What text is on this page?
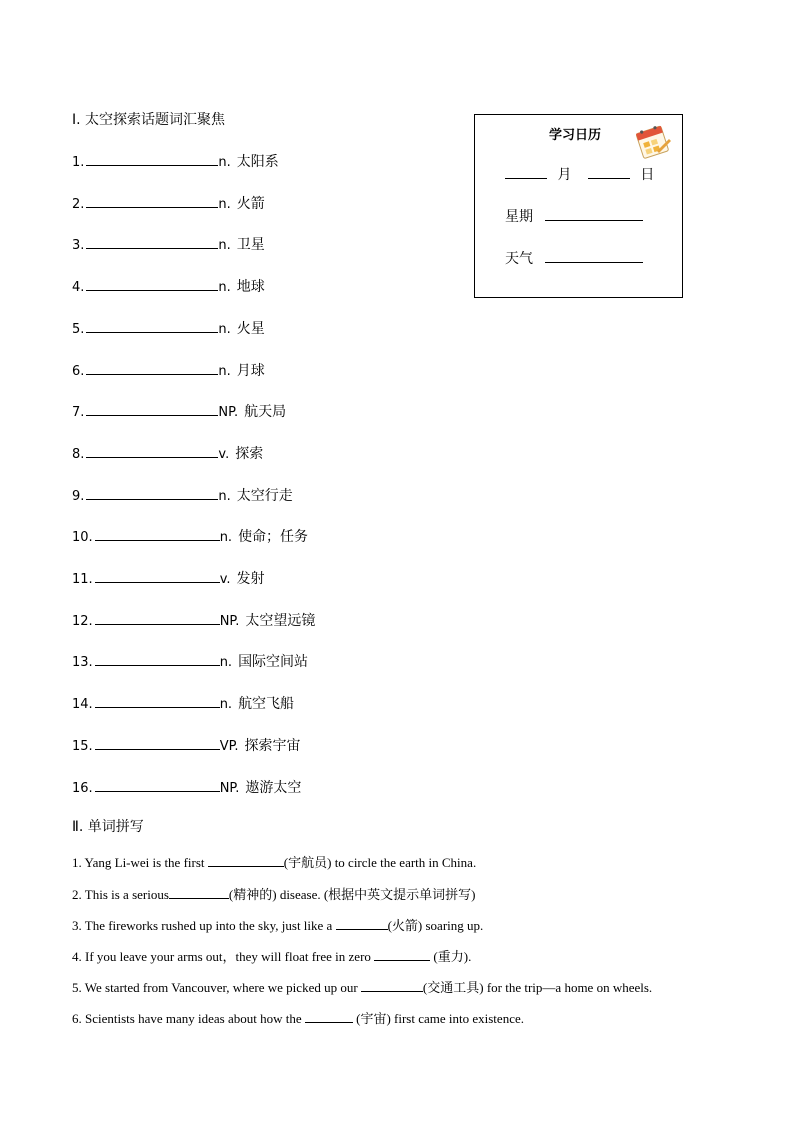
Ⅰ. 太空探索话题词汇聚焦
1.	n. 太阳系
2.	n. 火箭
3.	n. 卫星
4.	n. 地球
5.	n. 火星
6.	n. 月球
7.	NP. 航天局
8.	v. 探索
9.	n. 太空行走
10.	n. 使命；任务
11.	v. 发射
12.	NP. 太空望远镜
13.	n. 国际空间站
14.	n. 航空飞船
15.	VP. 探索宇宙
16.	NP. 遨游太空
Ⅱ. 单词拼写
1. Yang Li-wei is the first	(宇航员) to circle the earth in China.
2. This is a serious	(精神的) disease. (根据中英文提示单词拼写)
3. The fireworks rushed up into the sky, just like a	(火箭) soaring up.
4. If you leave your arms out，they will float free in zero	(重力).
5. We started from Vancouver, where we picked up our	(交通工具) for the trip—a home on wheels.
6. Scientists have many ideas about how the	(宇宙) first came into existence.
学习日历
月	日
星期
天气
